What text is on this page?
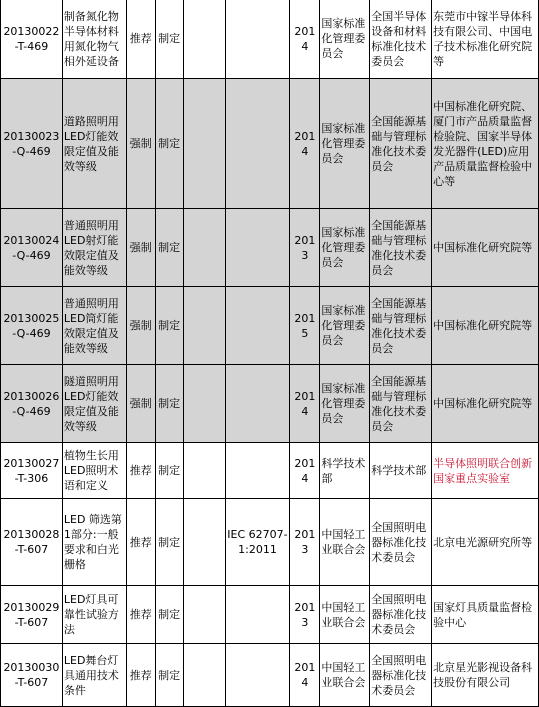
20130022-T-469	制备氮化物半导体材料用氮化物气相外延设备	推荐	制定			2014	国家标准化管理委员会	全国半导体设备和材料标准化技术委员会	东莞市中镓半导体科技有限公司、中国电子技术标准化研究院等
20130023-Q-469	道路照明用LED灯能效限定值及能效等级	强制	制定			2014	国家标准化管理委员会	全国能源基础与管理标准化技术委员会	中国标准化研究院、厦门市产品质量监督检验院、国家半导体发光器件(LED)应用产品质量监督检验中心等
20130024-Q-469	普通照明用LED射灯能效限定值及能效等级	强制	制定			2013	国家标准化管理委员会	全国能源基础与管理标准化技术委员会	中国标准化研究院等
20130025-Q-469	普通照明用LED筒灯能效限定值及能效等级	强制	制定			2015	国家标准化管理委员会	全国能源基础与管理标准化技术委员会	中国标准化研究院等
20130026-Q-469	隧道照明用LED灯能效限定值及能效等级	强制	制定			2014	国家标准化管理委员会	全国能源基础与管理标准化技术委员会	中国标准化研究院等
20130027-T-306	植物生长用LED照明术语和定义	推荐	制定			2014	科学技术部	科学技术部	半导体照明联合创新国家重点实验室
20130028-T-607	LED 筛选第1部分:一般要求和白光栅格	推荐	制定		IEC 62707-1:2011	2013	中国轻工业联合会	全国照明电器标准化技术委员会	北京电光源研究所等
20130029-T-607	LED灯具可靠性试验方法	推荐	制定			2013	中国轻工业联合会	全国照明电器标准化技术委员会	国家灯具质量监督检验中心
20130030-T-607	LED舞台灯具通用技术条件	推荐	制定			2014	中国轻工业联合会	全国照明电器标准化技术委员会	北京星光影视设备科技股份有限公司
